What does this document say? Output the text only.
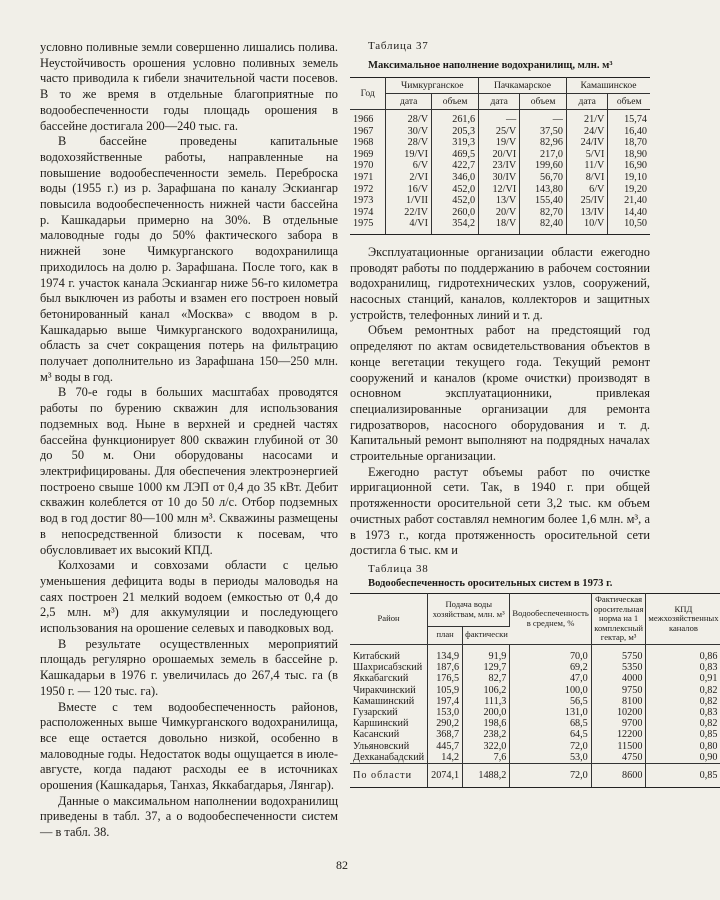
условно поливные земли совершенно лишались полива. Неустойчивость орошения условно поливных земель часто приводила к гибели значительной части посевов. В то же время в отдельные благоприятные по водообеспеченности годы площадь орошения в бассейне достигала 200—240 тыс. га.

В бассейне проведены капитальные водохозяйственные работы, направленные на повышение водообеспеченности земель. Переброска воды (1955 г.) из р. Зарафшана по каналу Эскиангар повысила водообеспеченность нижней части бассейна р. Кашкадарьи примерно на 30%. В отдельные маловодные годы до 50% фактического забора в нижней зоне Чимкурганского водохранилища приходилось на долю р. Зарафшана. После того, как в 1974 г. участок канала Эскиангар ниже 56-го километра был выключен из работы и взамен его построен новый бетонированный канал «Москва» с вводом в р. Кашкадарью выше Чимкурганского водохранилища, область за счет сокращения потерь на фильтрацию получает дополнительно из Зарафшана 150—250 млн. м³ воды в год.

В 70-е годы в больших масштабах проводятся работы по бурению скважин для использования подземных вод. Ныне в верхней и средней частях бассейна функционирует 800 скважин глубиной от 30 до 50 м. Они оборудованы насосами и электрифицированы. Для обеспечения электроэнергией построено свыше 1000 км ЛЭП от 0,4 до 35 кВт. Дебит скважин колеблется от 10 до 50 л/с. Отбор подземных вод в год достиг 80—100 млн м³. Скважины размещены в непосредственной близости к посевам, что обусловливает их высокий КПД.

Колхозами и совхозами области с целью уменьшения дефицита воды в периоды маловодья на саях построен 21 мелкий водоем (емкостью от 0,4 до 2,5 млн. м³) для аккумуляции и последующего использования на орошение селевых и паводковых вод.

В результате осуществленных мероприятий площадь регулярно орошаемых земель в бассейне р. Кашкадарьи в 1976 г. увеличилась до 267,4 тыс. га (в 1950 г. — 120 тыс. га).

Вместе с тем водообеспеченность районов, расположенных выше Чимкурганского водохранилища, все еще остается довольно низкой, особенно в маловодные годы. Недостаток воды ощущается в июле-августе, когда падают расходы ее в источниках орошения (Кашкадарья, Танхаз, Яккабагдарья, Лянгар).

Данные о максимальном наполнении водохранилищ приведены в табл. 37, а о водообеспеченности систем — в табл. 38.

Таблица 37
Максимальное наполнение водохранилищ, млн. м³
Год	Чимкурганское		Пачкамарское		Камашинское	
	дата	объем	дата	объем	дата	объем
1966	28/V	261,6	—	—	21/V	15,74
1967	30/V	205,3	25/V	37,50	24/V	16,40
1968	28/V	319,3	19/V	82,96	24/IV	18,70
1969	19/VI	469,5	20/VI	217,0	5/VI	18,90
1970	6/V	422,7	23/IV	199,60	11/V	16,90
1971	2/VI	346,0	30/IV	56,70	8/VI	19,10
1972	16/V	452,0	12/VI	143,80	6/V	19,20
1973	1/VII	452,0	13/V	155,40	25/IV	21,40
1974	22/IV	260,0	20/V	82,70	13/IV	14,40
1975	4/VI	354,2	18/V	82,40	10/V	10,50

Эксплуатационные организации области ежегодно проводят работы по поддержанию в рабочем состоянии водохранилищ, гидротехнических узлов, сооружений, насосных станций, каналов, коллекторов и защитных устройств, телефонных линий и т. д.

Объем ремонтных работ на предстоящий год определяют по актам освидетельствования объектов в конце вегетации текущего года. Текущий ремонт сооружений и каналов (кроме очистки) производят в основном эксплуатационники, привлекая специализированные организации для ремонта гидрозатворов, насосного оборудования и т. д. Капитальный ремонт выполняют на подрядных началах строительные организации.

Ежегодно растут объемы работ по очистке ирригационной сети. Так, в 1940 г. при общей протяженности оросительной сети 3,2 тыс. км объем очистных работ составлял немногим более 1,6 млн. м³, а в 1973 г., когда протяженность оросительной сети достигла 6 тыс. км и

Таблица 38
Водообеспеченность оросительных систем в 1973 г.
Район	Подача воды хозяйствам, млн. м³		Водообеспеченность в среднем, %	Фактическая оросительная норма на 1 комплексный гектар, м³	КПД межхозяйственных каналов
	план	фактически			
Китабский	134,9	91,9	70,0	5750	0,86
Шахрисабзский	187,6	129,7	69,2	5350	0,83
Яккабагский	176,5	82,7	47,0	4000	0,91
Чиракчинский	105,9	106,2	100,0	9750	0,82
Камашинский	197,4	111,3	56,5	8100	0,82
Гузарский	153,0	200,0	131,0	10200	0,83
Каршинский	290,2	198,6	68,5	9700	0,82
Касанский	368,7	238,2	64,5	12200	0,85
Ульяновский	445,7	322,0	72,0	11500	0,80
Дехканабадский	14,2	7,6	53,0	4750	0,90
По области	2074,1	1488,2	72,0	8600	0,85
82
